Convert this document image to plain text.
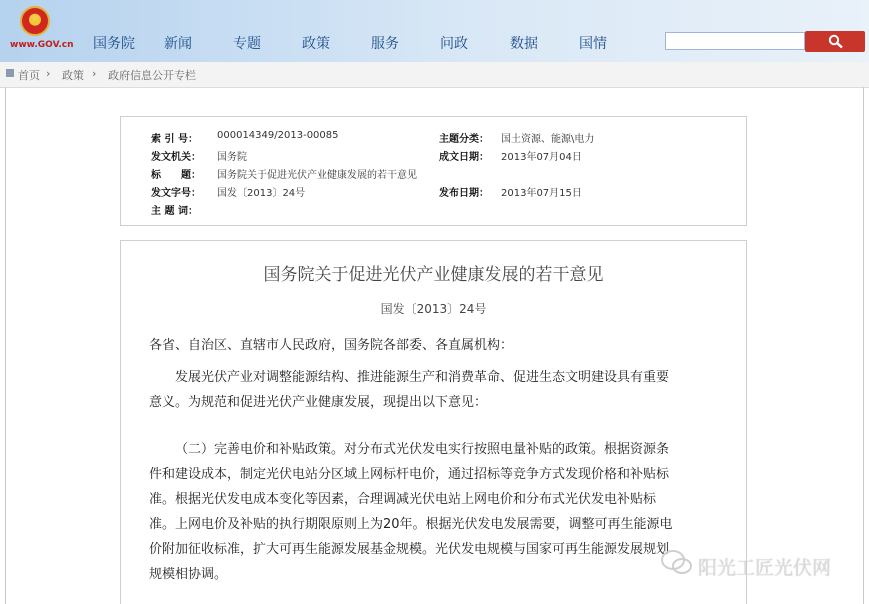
★
www.GOV.cn 国务院 新闻	专题	政策	服务	问政	数据	国情
首页 › 政策 › 政府信息公开专栏
索 引 号： 000014349/2013-00085	主题分类： 国土资源、能源\电力
发文机关： 国务院	成文日期： 2013年07月04日
标　　题： 国务院关于促进光伏产业健康发展的若干意见
发文字号： 国发〔2013〕24号	发布日期： 2013年07月15日
主 题 词：
国务院关于促进光伏产业健康发展的若干意见
国发〔2013〕24号
各省、自治区、直辖市人民政府，国务院各部委、各直属机构：
发展光伏产业对调整能源结构、推进能源生产和消费革命、促进生态文明建设具有重要
意义。为规范和促进光伏产业健康发展，现提出以下意见：
（二）完善电价和补贴政策。对分布式光伏发电实行按照电量补贴的政策。根据资源条
件和建设成本，制定光伏电站分区域上网标杆电价，通过招标等竞争方式发现价格和补贴标
准。根据光伏发电成本变化等因素，合理调减光伏电站上网电价和分布式光伏发电补贴标
准。上网电价及补贴的执行期限原则上为20年。根据光伏发电发展需要，调整可再生能源电
价附加征收标准，扩大可再生能源发展基金规模。光伏发电规模与国家可再生能源发展规划
规模相协调。	阳光工匠光伏网
